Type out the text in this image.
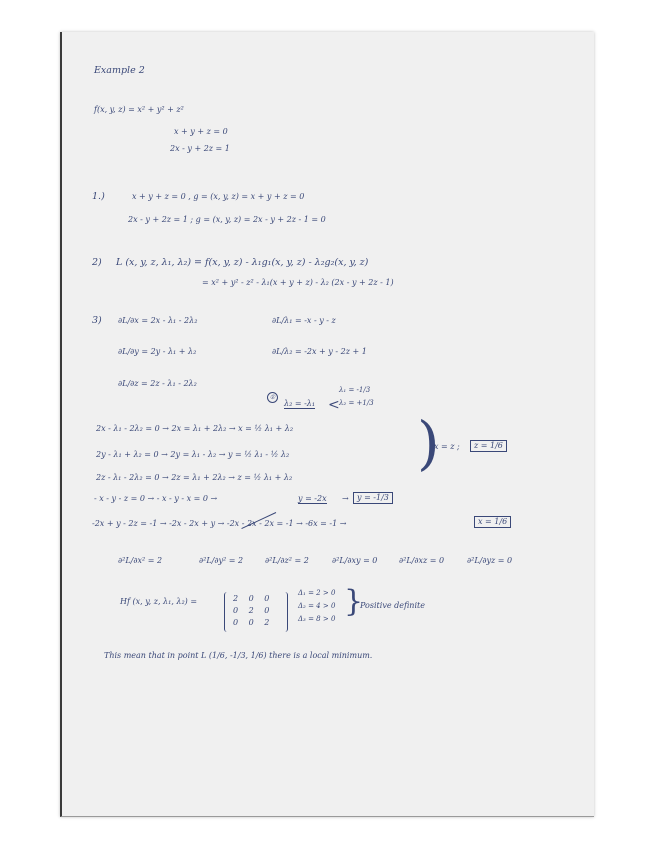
Example 2
f(x, y, z) = x² + y² + z²
x + y + z = 0
2x - y + 2z = 1
1.)	x + y + z = 0 , g = (x, y, z) = x + y + z = 0
2x - y + 2z = 1 ; g = (x, y, z) = 2x - y + 2z - 1 = 0
2) L (x, y, z, λ₁, λ₂) = f(x, y, z) - λ₁g₁(x, y, z) - λ₂g₂(x, y, z)
= x² + y² - z² - λ₁(x + y + z) - λ₂ (2x - y + 2z - 1)
3) ∂L/∂x = 2x - λ₁ - 2λ₂	∂L/λ₁ = -x - y - z
∂L/∂y = 2y - λ₁ + λ₂	∂L/λ₂ = -2x + y - 2z + 1
∂L/∂z = 2z - λ₁ - 2λ₂
①
λ₂ = -λ₁ <
λ₁ = -1/3
λ₂ = +1/3
2x - λ₁ - 2λ₂ = 0 → 2x = λ₁ + 2λ₂ → x = ½ λ₁ + λ₂
2y - λ₁ + λ₂ = 0 → 2y = λ₁ - λ₂ → y = ½ λ₁ - ½ λ₂
2z - λ₁ - 2λ₂ = 0 → 2z = λ₁ + 2λ₂ → z = ½ λ₁ + λ₂
)
x = z ;	z = 1/6
- x - y - z = 0 → - x - y - x = 0 →	y = -2x →	y = -1/3
-2x + y - 2z = -1 → -2x - 2x + y → -2x - 2x - 2x = -1 → -6x = -1 →	x = 1/6
∂²L/∂x² = 2	∂²L/∂y² = 2	∂²L/∂z² = 2	∂²L/∂xy = 0	∂²L/∂xz = 0	∂²L/∂yz = 0
Hf (x, y, z, λ₁, λ₂) =	2 0 0
0 2 0
0 0 2
Δ₁ = 2 > 0
Δ₂ = 4 > 0
Δ₃ = 8 > 0 }
Positive definite
This mean that in point L (1/6, -1/3, 1/6) there is a local minimum.
